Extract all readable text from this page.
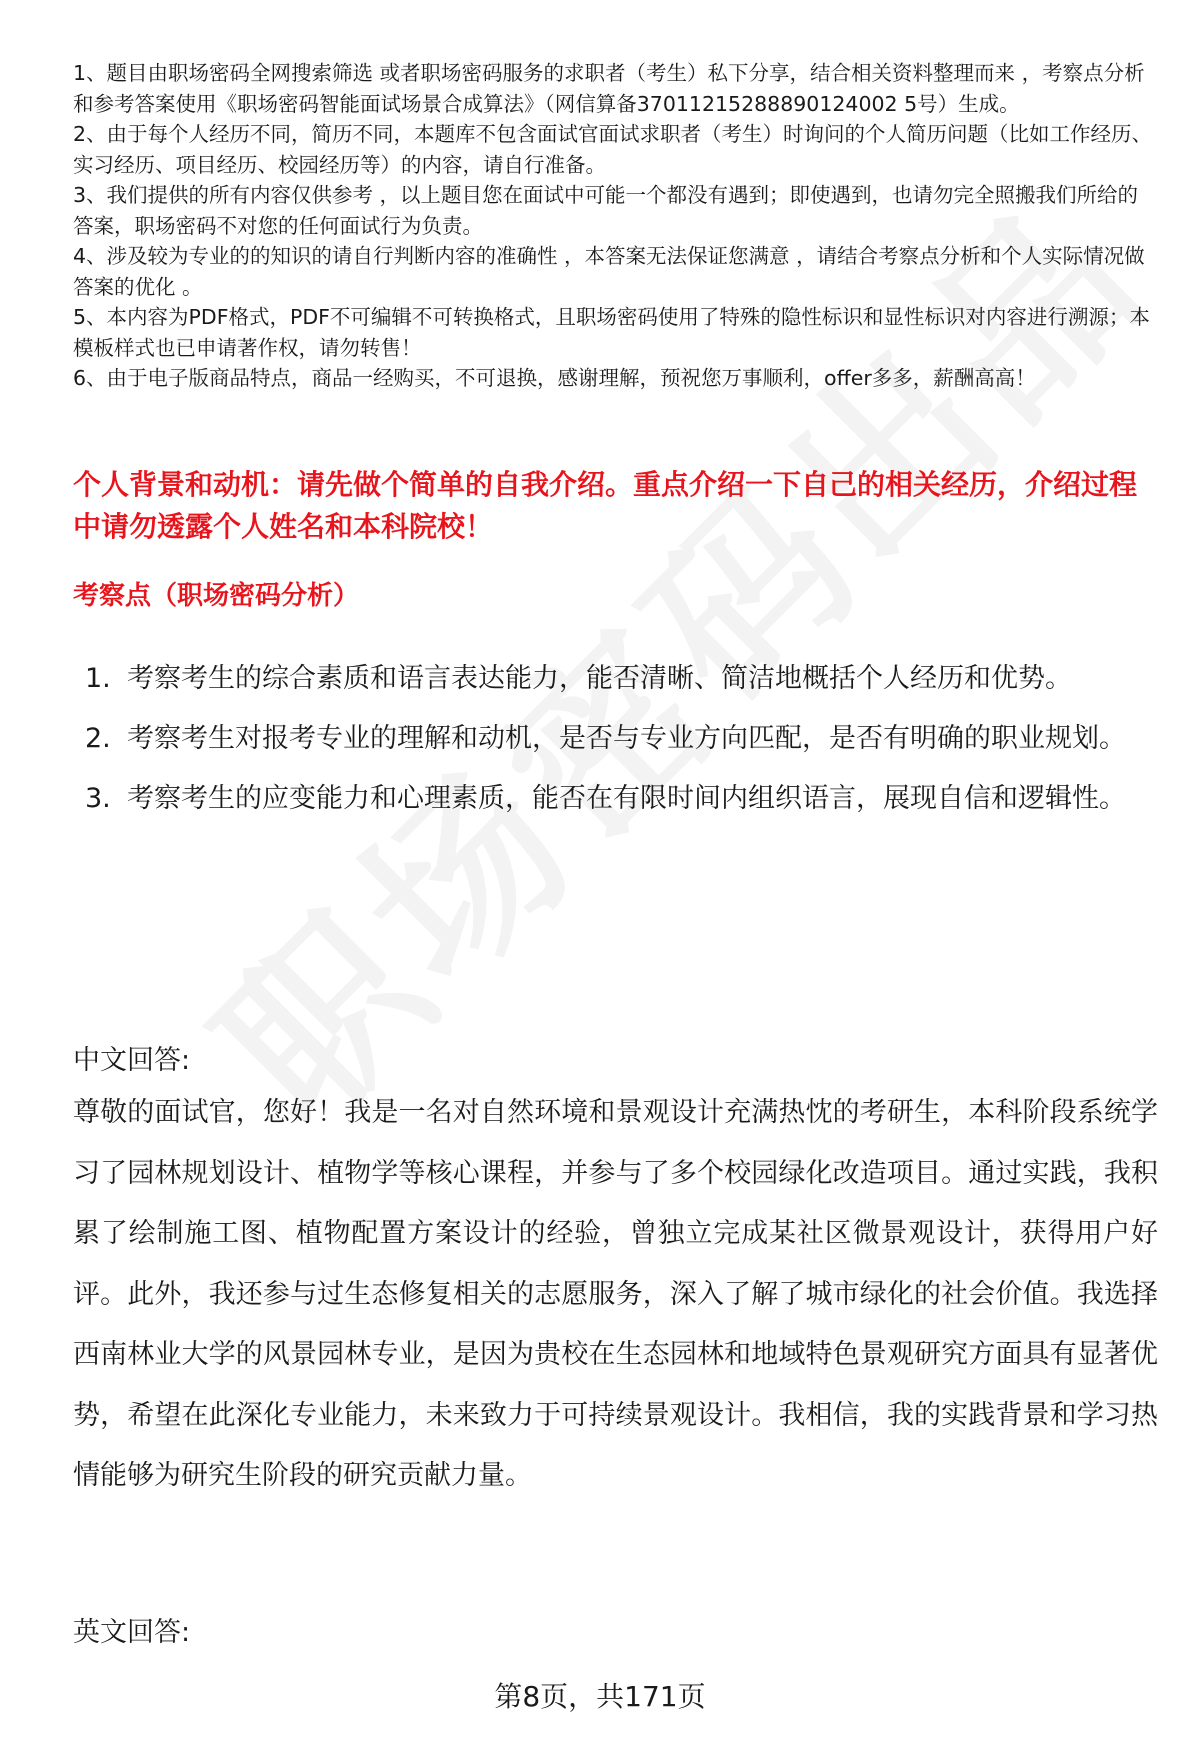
1、题目由职场密码全网搜索筛选 或者职场密码服务的求职者（考生）私下分享，结合相关资料整理而来 ，考察点分析和参考答案使用《职场密码智能面试场景合成算法》（网信算备37011215288890124002 5号）生成。

2、由于每个人经历不同，简历不同，本题库不包含面试官面试求职者（考生）时询问的个人简历问题（比如工作经历、实习经历、项目经历、校园经历等）的内容，请自行准备。

3、我们提供的所有内容仅供参考 ，以上题目您在面试中可能一个都没有遇到；即使遇到，也请勿完全照搬我们所给的答案，职场密码不对您的任何面试行为负责。

4、涉及较为专业的的知识的请自行判断内容的准确性 ，本答案无法保证您满意 ，请结合考察点分析和个人实际情况做答案的优化 。

5、本内容为PDF格式，PDF不可编辑不可转换格式，且职场密码使用了特殊的隐性标识和显性标识对内容进行溯源；本模板样式也已申请著作权，请勿转售！

6、由于电子版商品特点，商品一经购买，不可退换，感谢理解，预祝您万事顺利，offer多多，薪酬高高！

个人背景和动机：请先做个简单的自我介绍。重点介绍一下自己的相关经历，介绍过程中请勿透露个人姓名和本科院校！
考察点（职场密码分析）
1. 考察考生的综合素质和语言表达能力，能否清晰、简洁地概括个人经历和优势。
2. 考察考生对报考专业的理解和动机，是否与专业方向匹配，是否有明确的职业规划。
3. 考察考生的应变能力和心理素质，能否在有限时间内组织语言，展现自信和逻辑性。
中文回答:
尊敬的面试官，您好！我是一名对自然环境和景观设计充满热忱的考研生，本科阶段系统学习了园林规划设计、植物学等核心课程，并参与了多个校园绿化改造项目。通过实践，我积累了绘制施工图、植物配置方案设计的经验，曾独立完成某社区微景观设计，获得用户好评。此外，我还参与过生态修复相关的志愿服务，深入了解了城市绿化的社会价值。我选择西南林业大学的风景园林专业，是因为贵校在生态园林和地域特色景观研究方面具有显著优势，希望在此深化专业能力，未来致力于可持续景观设计。我相信，我的实践背景和学习热情能够为研究生阶段的研究贡献力量。
英文回答:
第8页，共171页
